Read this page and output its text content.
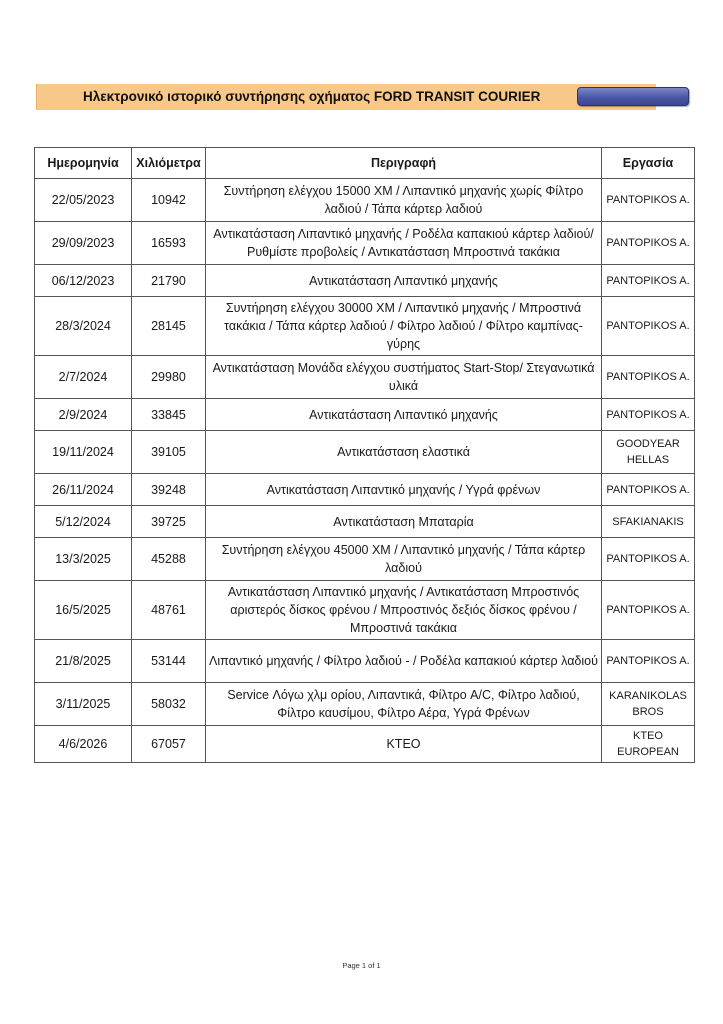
Ηλεκτρονικό ιστορικό συντήρησης οχήματος FORD TRANSIT COURIER
Ημερομηνία	Χιλιόμετρα	Περιγραφή	Εργασία
22/05/2023	10942	Συντήρηση ελέγχου 15000 ΧΜ / Λιπαντικό μηχανής χωρίς Φίλτρο λαδιού / Τάπα κάρτερ λαδιού	PANTOPIKOS A.
29/09/2023	16593	Αντικατάσταση Λιπαντικό μηχανής / Ροδέλα καπακιού κάρτερ λαδιού/Ρυθμίστε προβολείς / Αντικατάσταση Μπροστινά τακάκια	PANTOPIKOS A.
06/12/2023	21790	Αντικατάσταση Λιπαντικό μηχανής	PANTOPIKOS A.
28/3/2024	28145	Συντήρηση ελέγχου 30000 ΧΜ / Λιπαντικό μηχανής / Μπροστινά τακάκια / Τάπα κάρτερ λαδιού / Φίλτρο λαδιού / Φίλτρο καμπίνας-γύρης	PANTOPIKOS A.
2/7/2024	29980	Αντικατάσταση Μονάδα ελέγχου συστήματος Start-Stop/ Στεγανωτικά υλικά	PANTOPIKOS A.
2/9/2024	33845	Αντικατάσταση Λιπαντικό μηχανής	PANTOPIKOS A.
19/11/2024	39105	Αντικατάσταση ελαστικά	GOODYEAR HELLAS
26/11/2024	39248	Αντικατάσταση Λιπαντικό μηχανής / Υγρά φρένων	PANTOPIKOS A.
5/12/2024	39725	Αντικατάσταση Μπαταρία	SFAKIANAKIS
13/3/2025	45288	Συντήρηση ελέγχου 45000 ΧΜ / Λιπαντικό μηχανής / Τάπα κάρτερ λαδιού	PANTOPIKOS A.
16/5/2025	48761	Αντικατάσταση Λιπαντικό μηχανής / Αντικατάσταση Μπροστινός αριστερός δίσκος φρένου / Μπροστινός δεξιός δίσκος φρένου / Μπροστινά τακάκια	PANTOPIKOS A.
21/8/2025	53144	Λιπαντικό μηχανής / Φίλτρο λαδιού - / Ροδέλα καπακιού κάρτερ λαδιού	PANTOPIKOS A.
3/11/2025	58032	Service Λόγω χλμ ορίου, Λιπαντικά, Φίλτρο A/C, Φίλτρο λαδιού, Φίλτρο καυσίμου, Φίλτρο Αέρα, Υγρά Φρένων	KARANIKOLAS BROS
4/6/2026	67057	ΚΤΕΟ	KTEO EUROPEAN
Page 1 of 1
